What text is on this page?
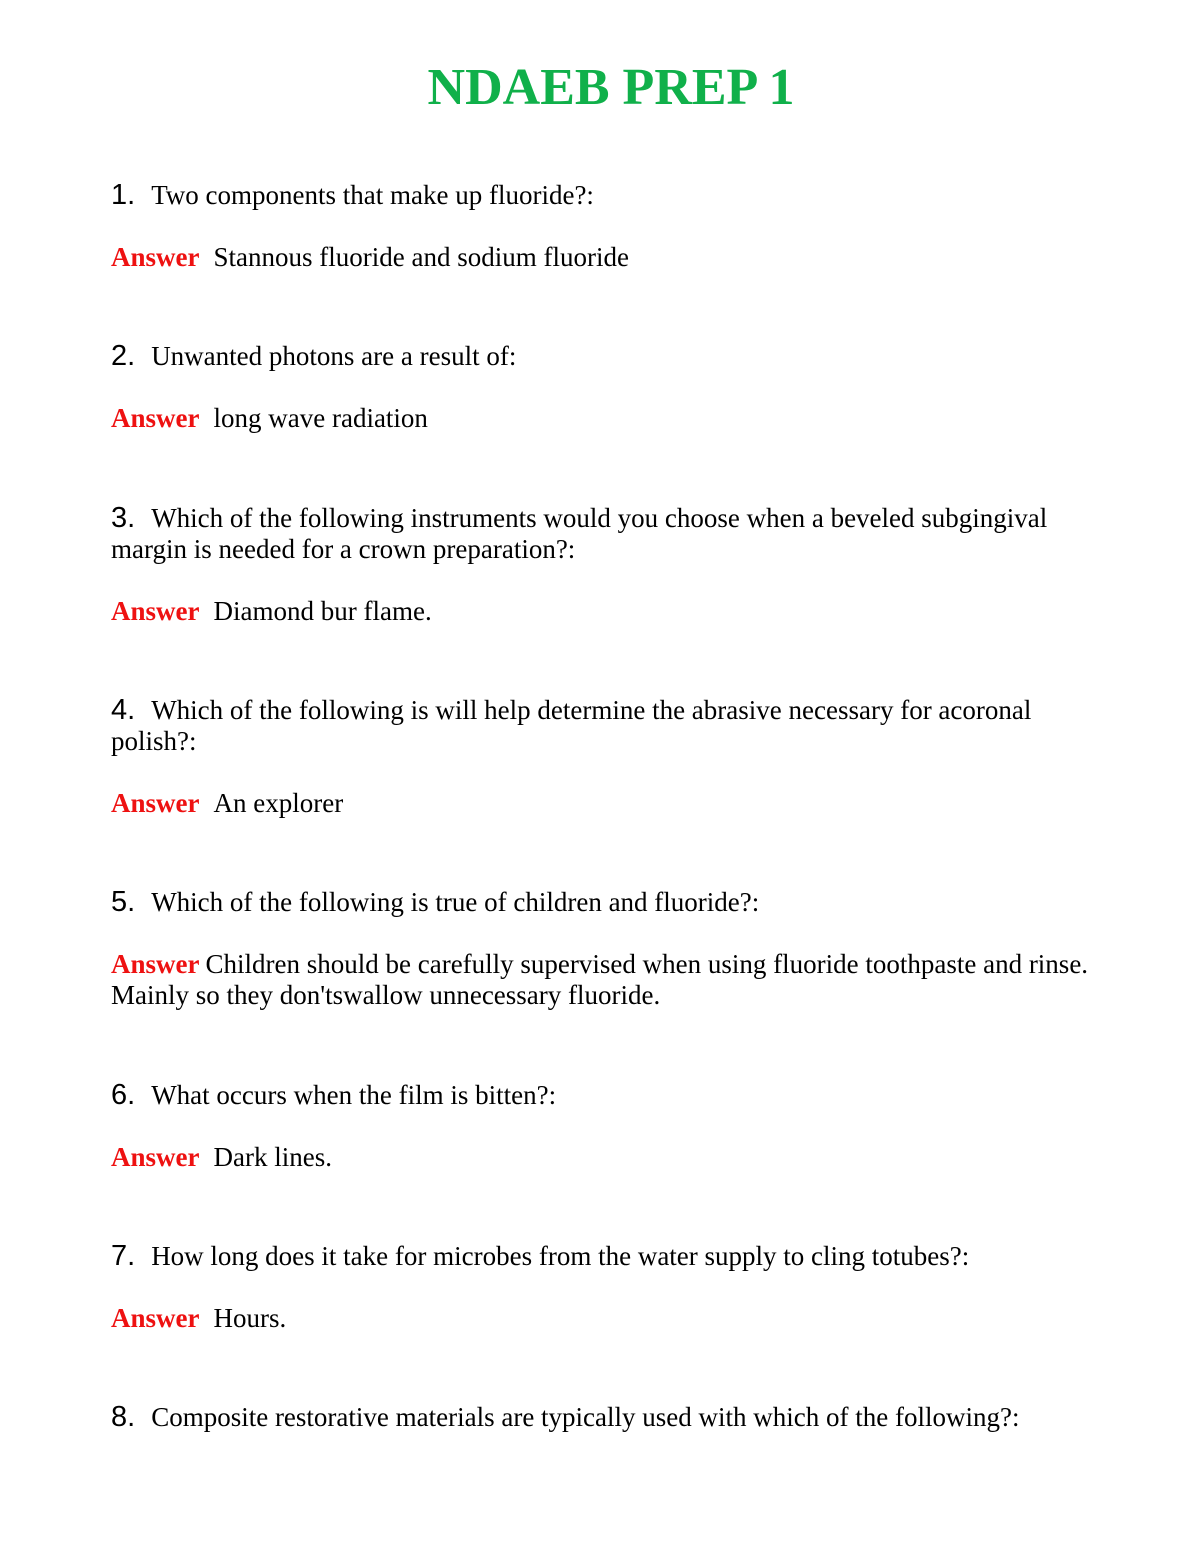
NDAEB PREP 1

1. Two components that make up fluoride?:

Answer Stannous fluoride and sodium fluoride

2. Unwanted photons are a result of:

Answer long wave radiation

3. Which of the following instruments would you choose when a beveled subgingival margin is needed for a crown preparation?:

Answer Diamond bur flame.

4. Which of the following is will help determine the abrasive necessary for acoronal polish?:

Answer An explorer

5. Which of the following is true of children and fluoride?:

Answer Children should be carefully supervised when using fluoride toothpaste and rinse. Mainly so they don'tswallow unnecessary fluoride.

6. What occurs when the film is bitten?:

Answer Dark lines.

7. How long does it take for microbes from the water supply to cling totubes?:

Answer Hours.

8. Composite restorative materials are typically used with which of the following?:
